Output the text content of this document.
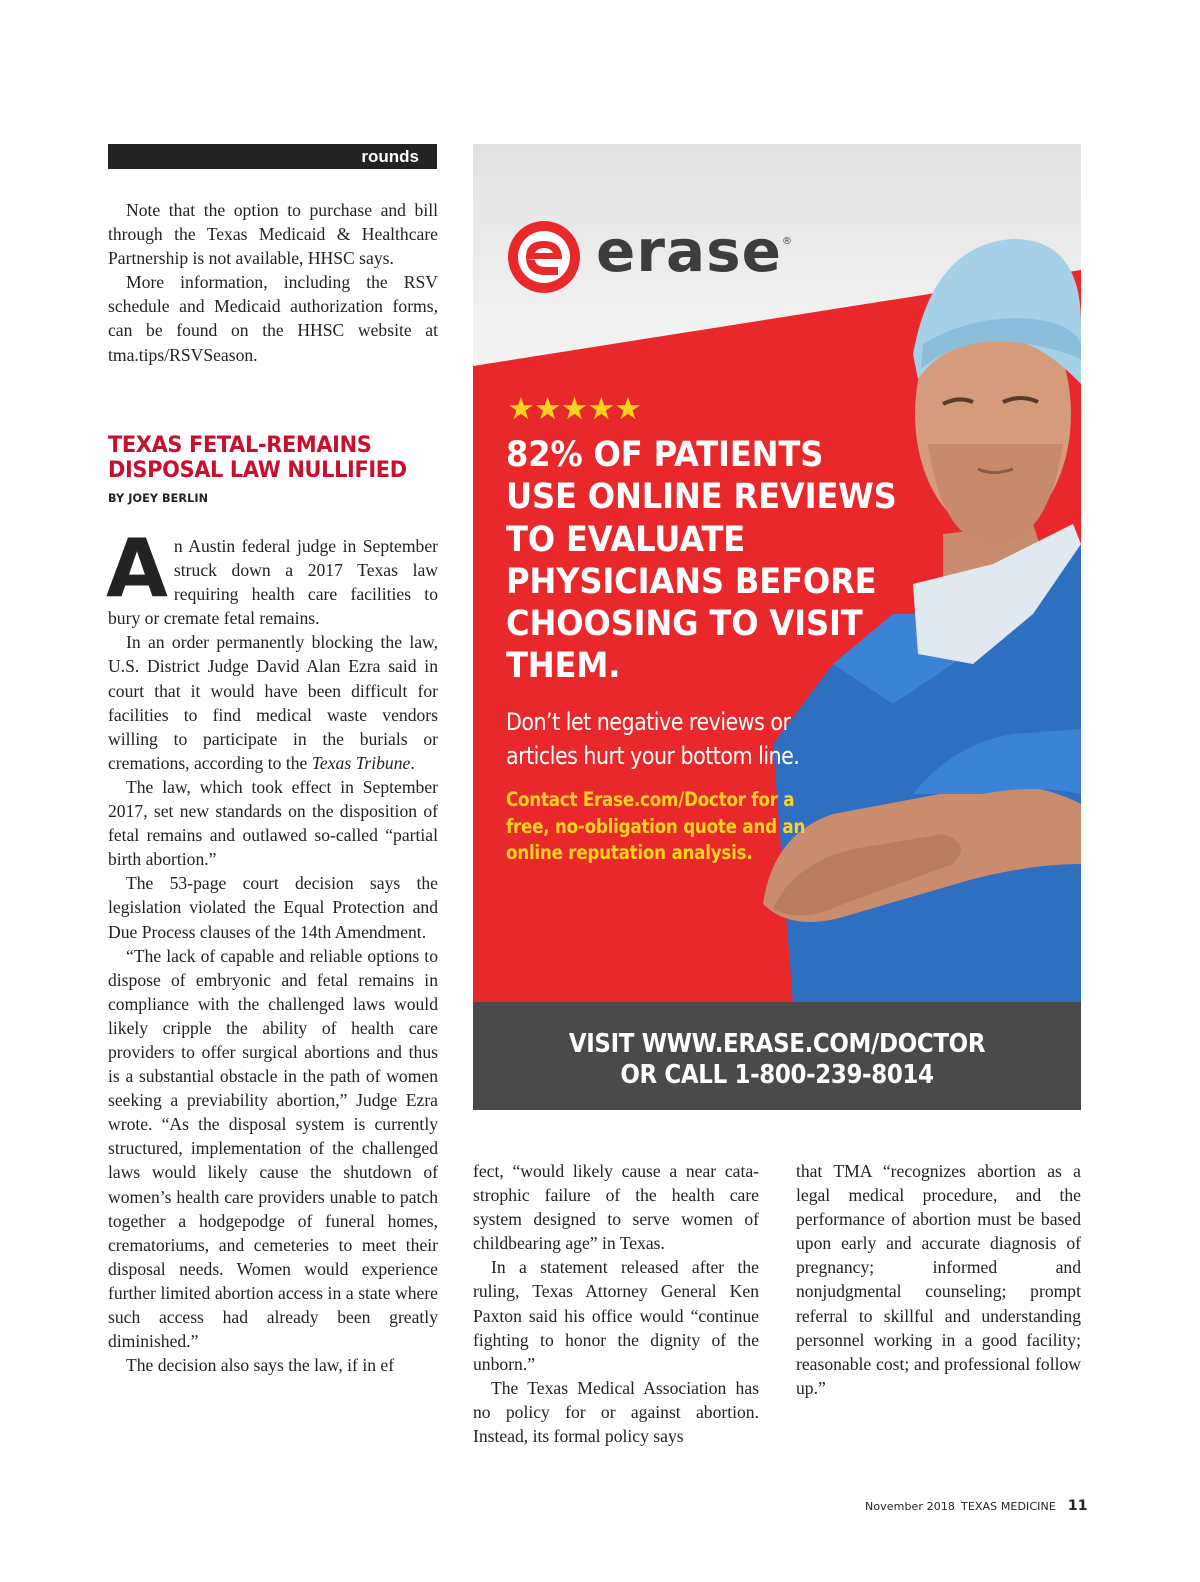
rounds

Note that the option to purchase and bill through the Texas Medicaid & Healthcare Partnership is not available, HHSC says.

More information, including the RSV schedule and Medicaid authorization forms, can be found on the HHSC website at tma.tips/RSVSeason.

TEXAS FETAL-REMAINS
DISPOSAL LAW NULLIFIED
BY JOEY BERLIN

An Austin federal judge in September struck down a 2017 Texas law requiring health care facilities to bury or cremate fetal remains.

In an order permanently blocking the law, U.S. District Judge David Alan Ezra said in court that it would have been difficult for facilities to find medical waste vendors willing to participate in the burials or cremations, according to the Texas Tribune.

The law, which took effect in September 2017, set new standards on the disposition of fetal remains and outlawed so-called “partial birth abortion.”

The 53-page court decision says the legislation violated the Equal Protection and Due Process clauses of the 14th Amendment.

“The lack of capable and reliable options to dispose of embryonic and fetal remains in compliance with the challenged laws would likely cripple the ability of health care providers to offer surgical abortions and thus is a substantial obstacle in the path of women seeking a previability abortion,” Judge Ezra wrote. “As the disposal system is currently structured, implementation of the challenged laws would likely cause the shutdown of women’s health care providers unable to patch together a hodgepodge of funeral homes, crematoriums, and cemeteries to meet their disposal needs. Women would experience further limited abortion access in a state where such access had already been greatly diminished.”

The decision also says the law, if in ef

fect, “would likely cause a near catastrophic failure of the health care system designed to serve women of childbearing age” in Texas.

In a statement released after the ruling, Texas Attorney General Ken Paxton said his office would “continue fighting to honor the dignity of the unborn.”

The Texas Medical Association has no policy for or against abortion. Instead, its formal policy says

that TMA “recognizes abortion as a legal medical procedure, and the performance of abortion must be based upon early and accurate diagnosis of pregnancy; informed and nonjudgmental counseling; prompt referral to skillful and understanding personnel working in a good facility; reasonable cost; and professional follow up.”

erase ®
★★★★★
82% OF PATIENTS
USE ONLINE REVIEWS
TO EVALUATE
PHYSICIANS BEFORE
CHOOSING TO VISIT
THEM.

Don’t let negative reviews or
articles hurt your bottom line.

Contact Erase.com/Doctor for a
free, no-obligation quote and an
online reputation analysis.

VISIT WWW.ERASE.COM/DOCTOR
OR CALL 1-800-239-8014
November 2018 TEXAS MEDICINE 11
